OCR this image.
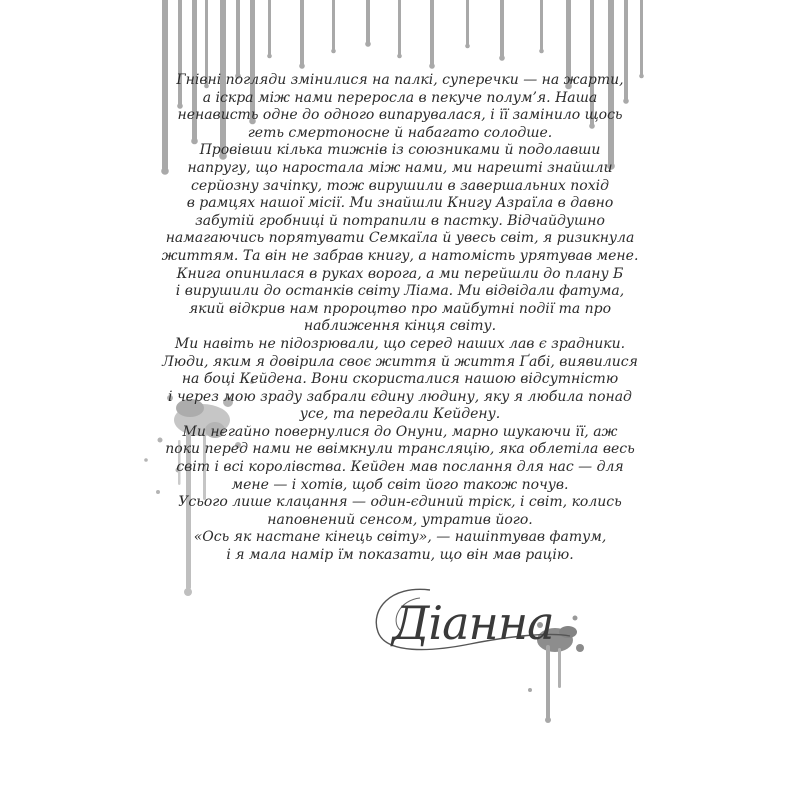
Гнівні погляди змінилися на палкі, суперечки — на жарти,
а іскра між нами переросла в пекуче полум’я. Наша
ненависть одне до одного випарувалася, і її замінило щось
геть смертоносне й набагато солодше.
Провівши кілька тижнів із союзниками й подолавши
напругу, що наростала між нами, ми нарешті знайшли
серйозну зачіпку, тож вирушили в завершальних похід
в рамцях нашої місії. Ми знайшли Книгу Азраїла в давно
забутій гробниці й потрапили в пастку. Відчайдушно
намагаючись порятувати Семкаїла й увесь світ, я ризикнула
життям. Та він не забрав книгу, а натомість урятував мене.
Книга опинилася в руках ворога, а ми перейшли до плану Б
і вирушили до останків світу Ліама. Ми відвідали фатума,
який відкрив нам пророцтво про майбутні події та про
наближення кінця світу.
Ми навіть не підозрювали, що серед наших лав є зрадники.
Люди, яким я довірила своє життя й життя Ґабі, виявилися
на боці Кейдена. Вони скористалися нашою відсутністю
і через мою зраду забрали єдину людину, яку я любила понад
усе, та передали Кейдену.
Ми негайно повернулися до Онуни, марно шукаючи її, аж
поки перед нами не ввімкнули трансляцію, яка облетіла весь
світ і всі королівства. Кейден мав послання для нас — для
мене — і хотів, щоб світ його також почув.
Усього лише клацання — один-єдиний тріск, і світ, колись
наповнений сенсом, утратив його.
«Ось як настане кінець світу», — нашіптував фатум,
і я мала намір їм показати, що він мав рацію.
Діанна
